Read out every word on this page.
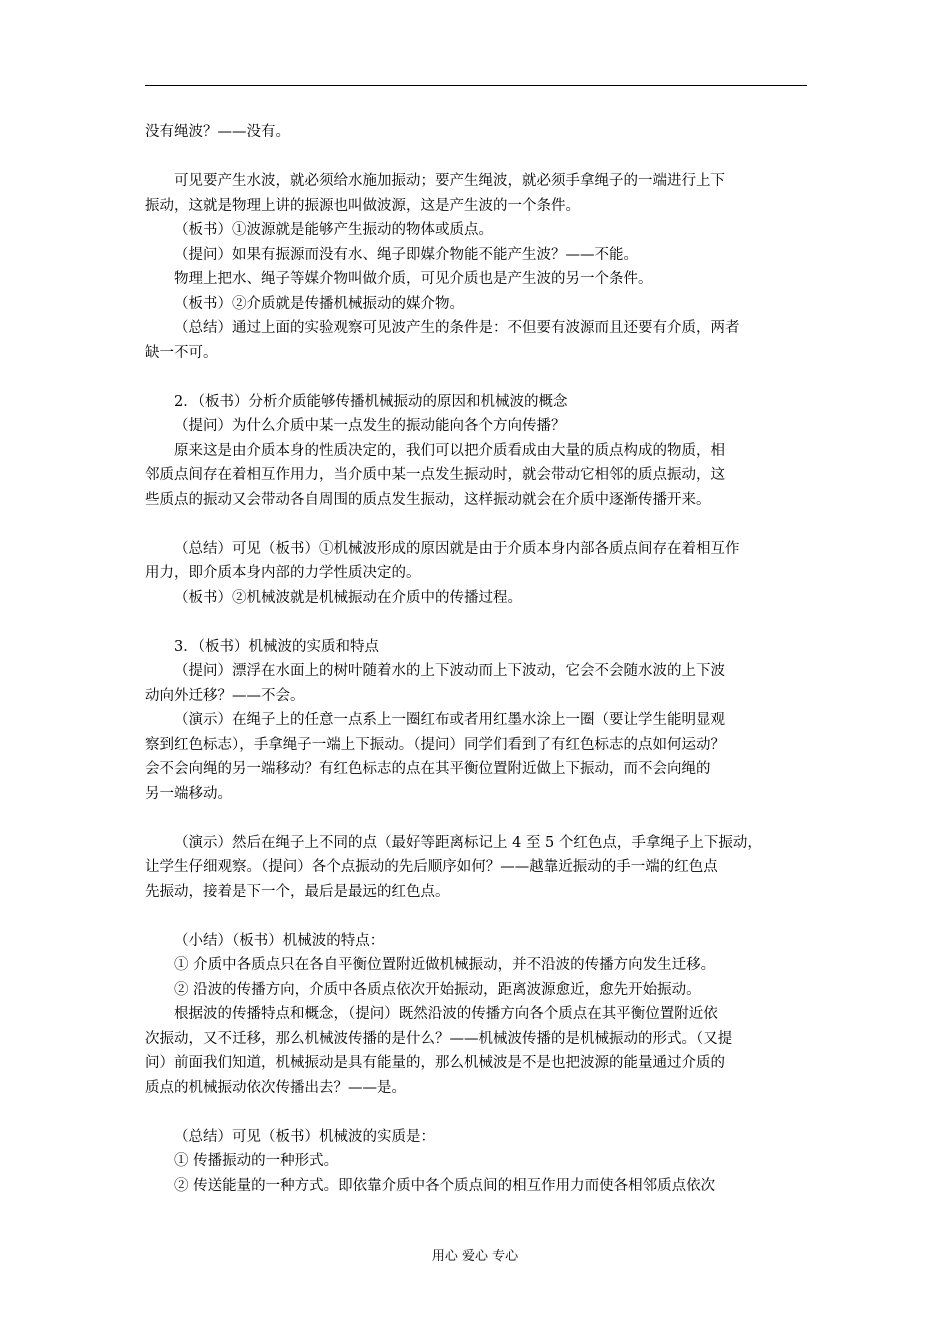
没有绳波？——没有。
可见要产生水波，就必须给水施加振动；要产生绳波，就必须手拿绳子的一端进行上下
振动，这就是物理上讲的振源也叫做波源，这是产生波的一个条件。
（板书）①波源就是能够产生振动的物体或质点。
（提问）如果有振源而没有水、绳子即媒介物能不能产生波？——不能。
物理上把水、绳子等媒介物叫做介质，可见介质也是产生波的另一个条件。
（板书）②介质就是传播机械振动的媒介物。
（总结）通过上面的实验观察可见波产生的条件是：不但要有波源而且还要有介质，两者
缺一不可。
2．（板书）分析介质能够传播机械振动的原因和机械波的概念
（提问）为什么介质中某一点发生的振动能向各个方向传播？
原来这是由介质本身的性质决定的，我们可以把介质看成由大量的质点构成的物质，相
邻质点间存在着相互作用力，当介质中某一点发生振动时，就会带动它相邻的质点振动，这
些质点的振动又会带动各自周围的质点发生振动，这样振动就会在介质中逐渐传播开来。
（总结）可见（板书）①机械波形成的原因就是由于介质本身内部各质点间存在着相互作
用力，即介质本身内部的力学性质决定的。
（板书）②机械波就是机械振动在介质中的传播过程。
3．（板书）机械波的实质和特点
（提问）漂浮在水面上的树叶随着水的上下波动而上下波动，它会不会随水波的上下波
动向外迁移？——不会。
（演示）在绳子上的任意一点系上一圈红布或者用红墨水涂上一圈（要让学生能明显观
察到红色标志），手拿绳子一端上下振动。（提问）同学们看到了有红色标志的点如何运动？
会不会向绳的另一端移动？有红色标志的点在其平衡位置附近做上下振动，而不会向绳的
另一端移动。
（演示）然后在绳子上不同的点（最好等距离标记上 4 至 5 个红色点，手拿绳子上下振动，
让学生仔细观察。（提问）各个点振动的先后顺序如何？——越靠近振动的手一端的红色点
先振动，接着是下一个，最后是最远的红色点。
（小结）（板书）机械波的特点：
① 介质中各质点只在各自平衡位置附近做机械振动，并不沿波的传播方向发生迁移。
② 沿波的传播方向，介质中各质点依次开始振动，距离波源愈近，愈先开始振动。
根据波的传播特点和概念，（提问）既然沿波的传播方向各个质点在其平衡位置附近依
次振动，又不迁移，那么机械波传播的是什么？——机械波传播的是机械振动的形式。（又提
问）前面我们知道，机械振动是具有能量的，那么机械波是不是也把波源的能量通过介质的
质点的机械振动依次传播出去？——是。
（总结）可见（板书）机械波的实质是：
① 传播振动的一种形式。
② 传送能量的一种方式。即依靠介质中各个质点间的相互作用力而使各相邻质点依次
用心 爱心 专心
